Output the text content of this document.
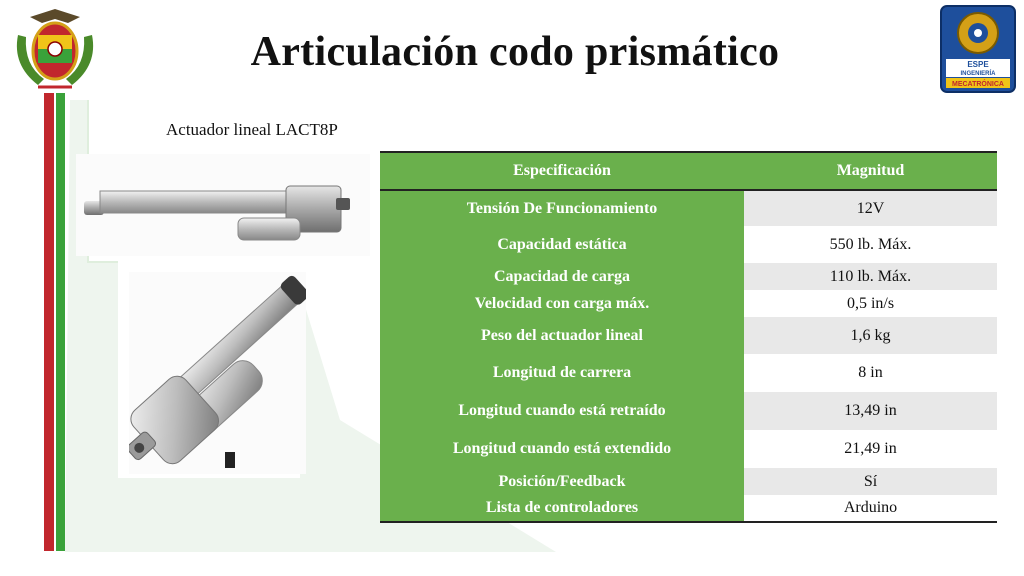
ESPE
INGENIERÍA
MECATRÓNICA
Articulación codo prismático
Actuador lineal LACT8P
Especificación	Magnitud
Tensión De Funcionamiento	12V
Capacidad estática	550 lb. Máx.
Capacidad de carga	110 lb. Máx.
Velocidad con carga máx.	0,5 in/s
Peso del actuador lineal	1,6 kg
Longitud de carrera	8 in
Longitud cuando está retraído	13,49 in
Longitud cuando está extendido	21,49 in
Posición/Feedback	Sí
Lista de controladores	Arduino
